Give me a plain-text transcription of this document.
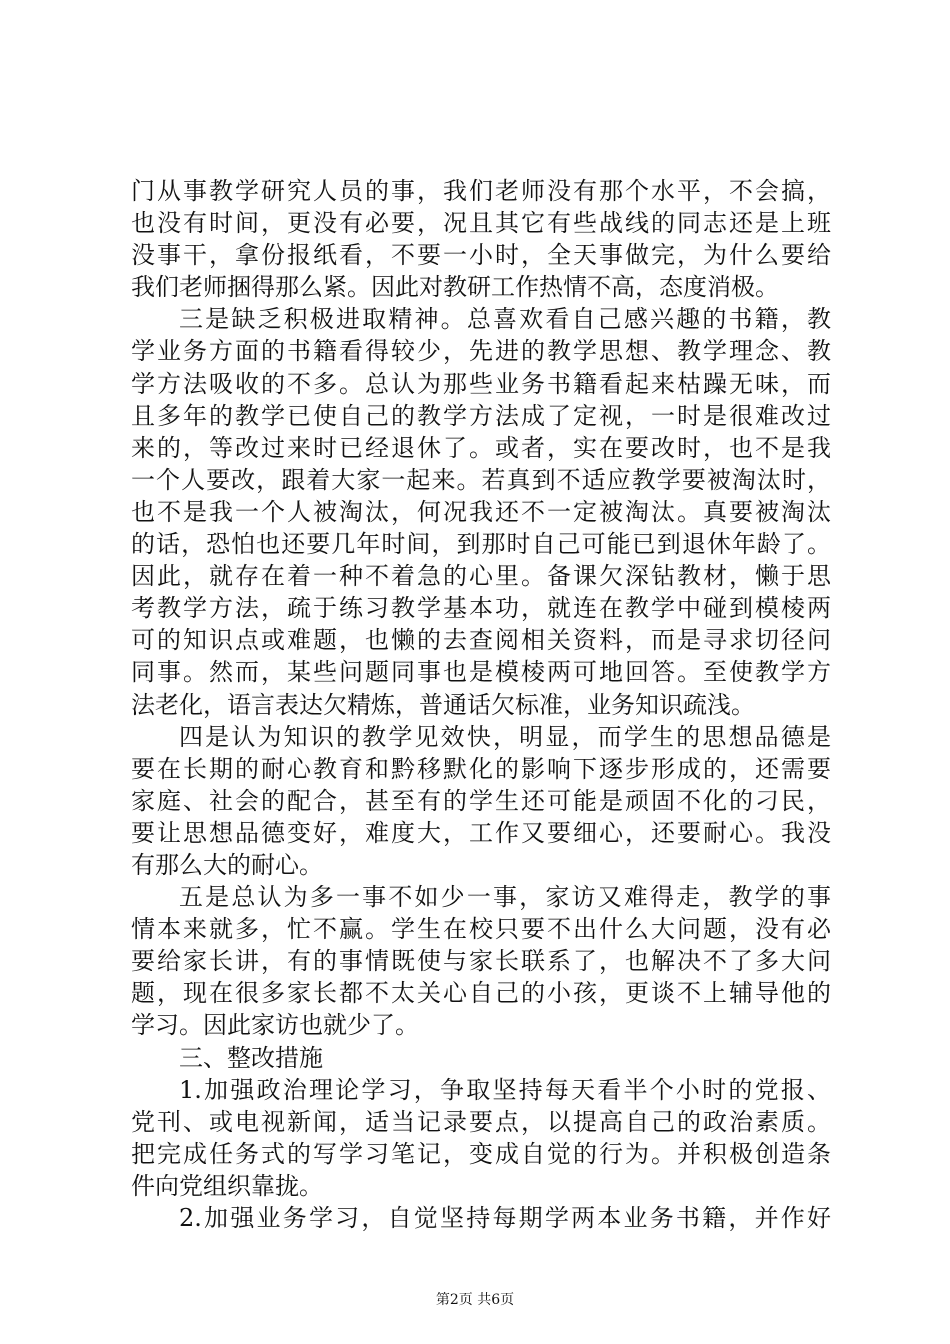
门从事教学研究人员的事，我们老师没有那个水平，不会搞，
也没有时间，更没有必要，况且其它有些战线的同志还是上班
没事干，拿份报纸看，不要一小时，全天事做完，为什么要给
我们老师捆得那么紧。因此对教研工作热情不高，态度消极。
三是缺乏积极进取精神。总喜欢看自己感兴趣的书籍，教
学业务方面的书籍看得较少，先进的教学思想、教学理念、教
学方法吸收的不多。总认为那些业务书籍看起来枯躁无味，而
且多年的教学已使自己的教学方法成了定视，一时是很难改过
来的，等改过来时已经退休了。或者，实在要改时，也不是我
一个人要改，跟着大家一起来。若真到不适应教学要被淘汰时，
也不是我一个人被淘汰，何况我还不一定被淘汰。真要被淘汰
的话，恐怕也还要几年时间，到那时自己可能已到退休年龄了。
因此，就存在着一种不着急的心里。备课欠深钻教材，懒于思
考教学方法，疏于练习教学基本功，就连在教学中碰到模棱两
可的知识点或难题，也懒的去查阅相关资料，而是寻求切径问
同事。然而，某些问题同事也是模棱两可地回答。至使教学方
法老化，语言表达欠精炼，普通话欠标准，业务知识疏浅。
四是认为知识的教学见效快，明显，而学生的思想品德是
要在长期的耐心教育和黔移默化的影响下逐步形成的，还需要
家庭、社会的配合，甚至有的学生还可能是顽固不化的刁民，
要让思想品德变好，难度大，工作又要细心，还要耐心。我没
有那么大的耐心。
五是总认为多一事不如少一事，家访又难得走，教学的事
情本来就多，忙不赢。学生在校只要不出什么大问题，没有必
要给家长讲，有的事情既使与家长联系了，也解决不了多大问
题，现在很多家长都不太关心自己的小孩，更谈不上辅导他的
学习。因此家访也就少了。
三、整改措施
1.加强政治理论学习，争取坚持每天看半个小时的党报、
党刊、或电视新闻，适当记录要点，以提高自己的政治素质。
把完成任务式的写学习笔记，变成自觉的行为。并积极创造条
件向党组织靠拢。
2.加强业务学习，自觉坚持每期学两本业务书籍，并作好
第2页 共6页
